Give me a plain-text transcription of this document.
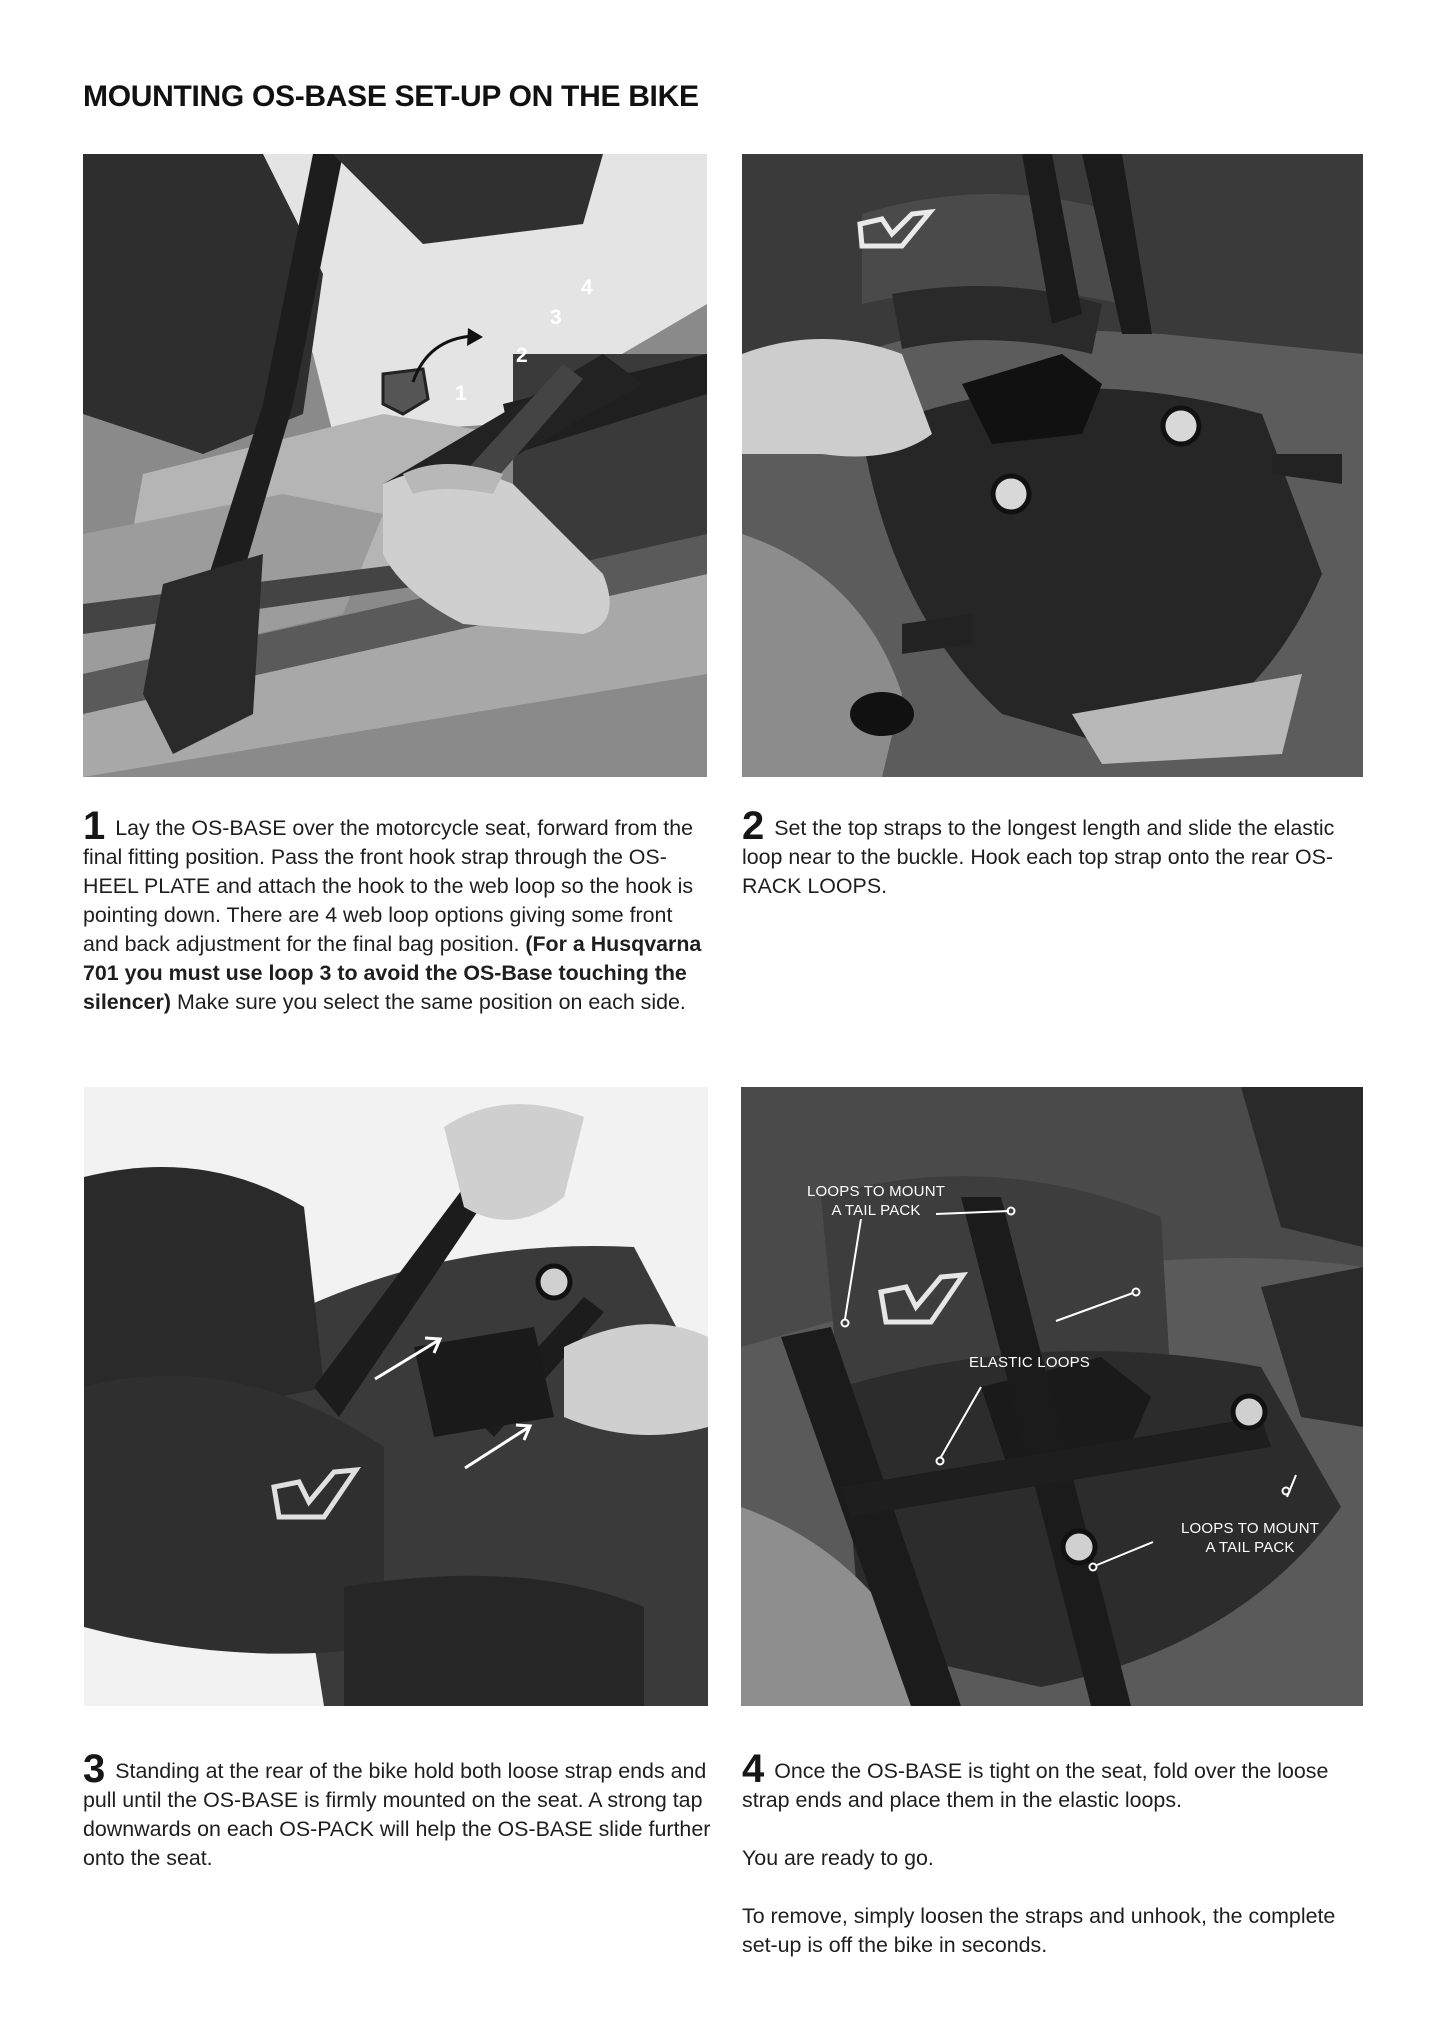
MOUNTING OS-BASE SET-UP ON THE BIKE
1
2
3
4
LOOPS TO MOUNT
A TAIL PACK
ELASTIC LOOPS
LOOPS TO MOUNT
A TAIL PACK

1 Lay the OS-BASE over the motorcycle seat, forward from the final fitting position. Pass the front hook strap through the OS-HEEL PLATE and attach the hook to the web loop so the hook is pointing down. There are 4 web loop options giving some front and back adjustment for the final bag position. (For a Husqvarna 701 you must use loop 3 to avoid the OS-Base touching the silencer) Make sure you select the same position on each side.

2 Set the top straps to the longest length and slide the elastic loop near to the buckle. Hook each top strap onto the rear OS-RACK LOOPS.

3 Standing at the rear of the bike hold both loose strap ends and pull until the OS-BASE is firmly mounted on the seat. A strong tap downwards on each OS-PACK will help the OS-BASE slide further onto the seat.

4 Once the OS-BASE is tight on the seat, fold over the loose strap ends and place them in the elastic loops.

You are ready to go.

To remove, simply loosen the straps and unhook, the complete set-up is off the bike in seconds.
